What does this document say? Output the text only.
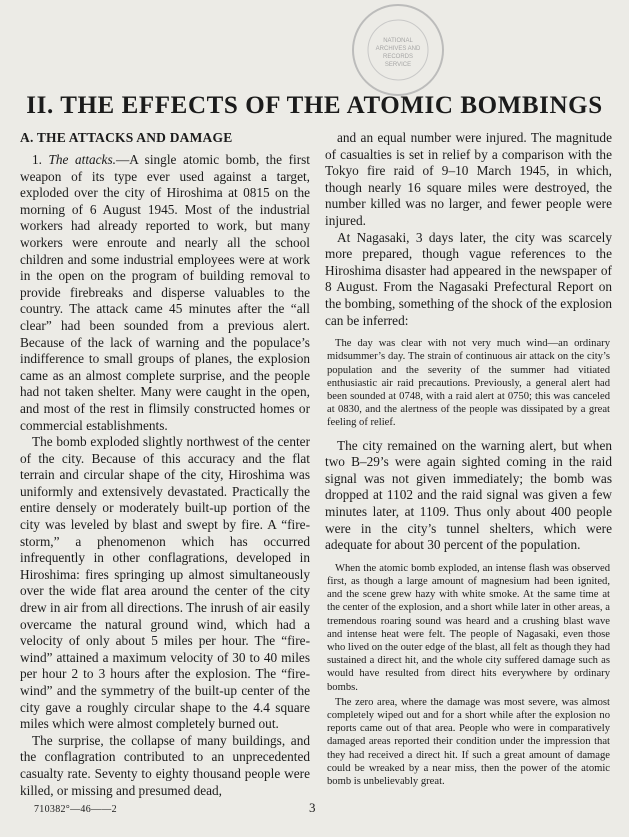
NATIONAL
ARCHIVES AND
RECORDS
SERVICE
II. THE EFFECTS OF THE ATOMIC BOMBINGS
A. THE ATTACKS AND DAMAGE

1. The attacks.—A single atomic bomb, the first weapon of its type ever used against a target, exploded over the city of Hiroshima at 0815 on the morning of 6 August 1945. Most of the industrial workers had already reported to work, but many workers were enroute and nearly all the school children and some industrial employees were at work in the open on the program of building removal to provide firebreaks and disperse valuables to the country. The attack came 45 minutes after the “all clear” had been sounded from a previous alert. Because of the lack of warning and the populace’s indifference to small groups of planes, the explosion came as an almost complete surprise, and the people had not taken shelter. Many were caught in the open, and most of the rest in flimsily constructed homes or commercial establishments.

The bomb exploded slightly northwest of the center of the city. Because of this accuracy and the flat terrain and circular shape of the city, Hiroshima was uniformly and extensively devastated. Practically the entire densely or moderately built-up portion of the city was leveled by blast and swept by fire. A “fire-storm,” a phenomenon which has occurred infrequently in other conflagrations, developed in Hiroshima: fires springing up almost simultaneously over the wide flat area around the center of the city drew in air from all directions. The inrush of air easily overcame the natural ground wind, which had a velocity of only about 5 miles per hour. The “fire-wind” attained a maximum velocity of 30 to 40 miles per hour 2 to 3 hours after the explosion. The “fire-wind” and the symmetry of the built-up center of the city gave a roughly circular shape to the 4.4 square miles which were almost completely burned out.

The surprise, the collapse of many buildings, and the conflagration contributed to an unprecedented casualty rate. Seventy to eighty thousand people were killed, or missing and presumed dead,

and an equal number were injured. The magnitude of casualties is set in relief by a comparison with the Tokyo fire raid of 9–10 March 1945, in which, though nearly 16 square miles were destroyed, the number killed was no larger, and fewer people were injured.

At Nagasaki, 3 days later, the city was scarcely more prepared, though vague references to the Hiroshima disaster had appeared in the newspaper of 8 August. From the Nagasaki Prefectural Report on the bombing, something of the shock of the explosion can be inferred:

The day was clear with not very much wind—an ordinary midsummer’s day. The strain of continuous air attack on the city’s population and the severity of the summer had vitiated enthusiastic air raid precautions. Previously, a general alert had been sounded at 0748, with a raid alert at 0750; this was canceled at 0830, and the alertness of the people was dissipated by a great feeling of relief.

The city remained on the warning alert, but when two B–29’s were again sighted coming in the raid signal was not given immediately; the bomb was dropped at 1102 and the raid signal was given a few minutes later, at 1109. Thus only about 400 people were in the city’s tunnel shelters, which were adequate for about 30 percent of the population.

When the atomic bomb exploded, an intense flash was observed first, as though a large amount of magnesium had been ignited, and the scene grew hazy with white smoke. At the same time at the center of the explosion, and a short while later in other areas, a tremendous roaring sound was heard and a crushing blast wave and intense heat were felt. The people of Nagasaki, even those who lived on the outer edge of the blast, all felt as though they had sustained a direct hit, and the whole city suffered damage such as would have resulted from direct hits everywhere by ordinary bombs.

The zero area, where the damage was most severe, was almost completely wiped out and for a short while after the explosion no reports came out of that area. People who were in comparatively damaged areas reported their condition under the impression that they had received a direct hit. If such a great amount of damage could be wreaked by a near miss, then the power of the atomic bomb is unbelievably great.

710382°—46——2	3
